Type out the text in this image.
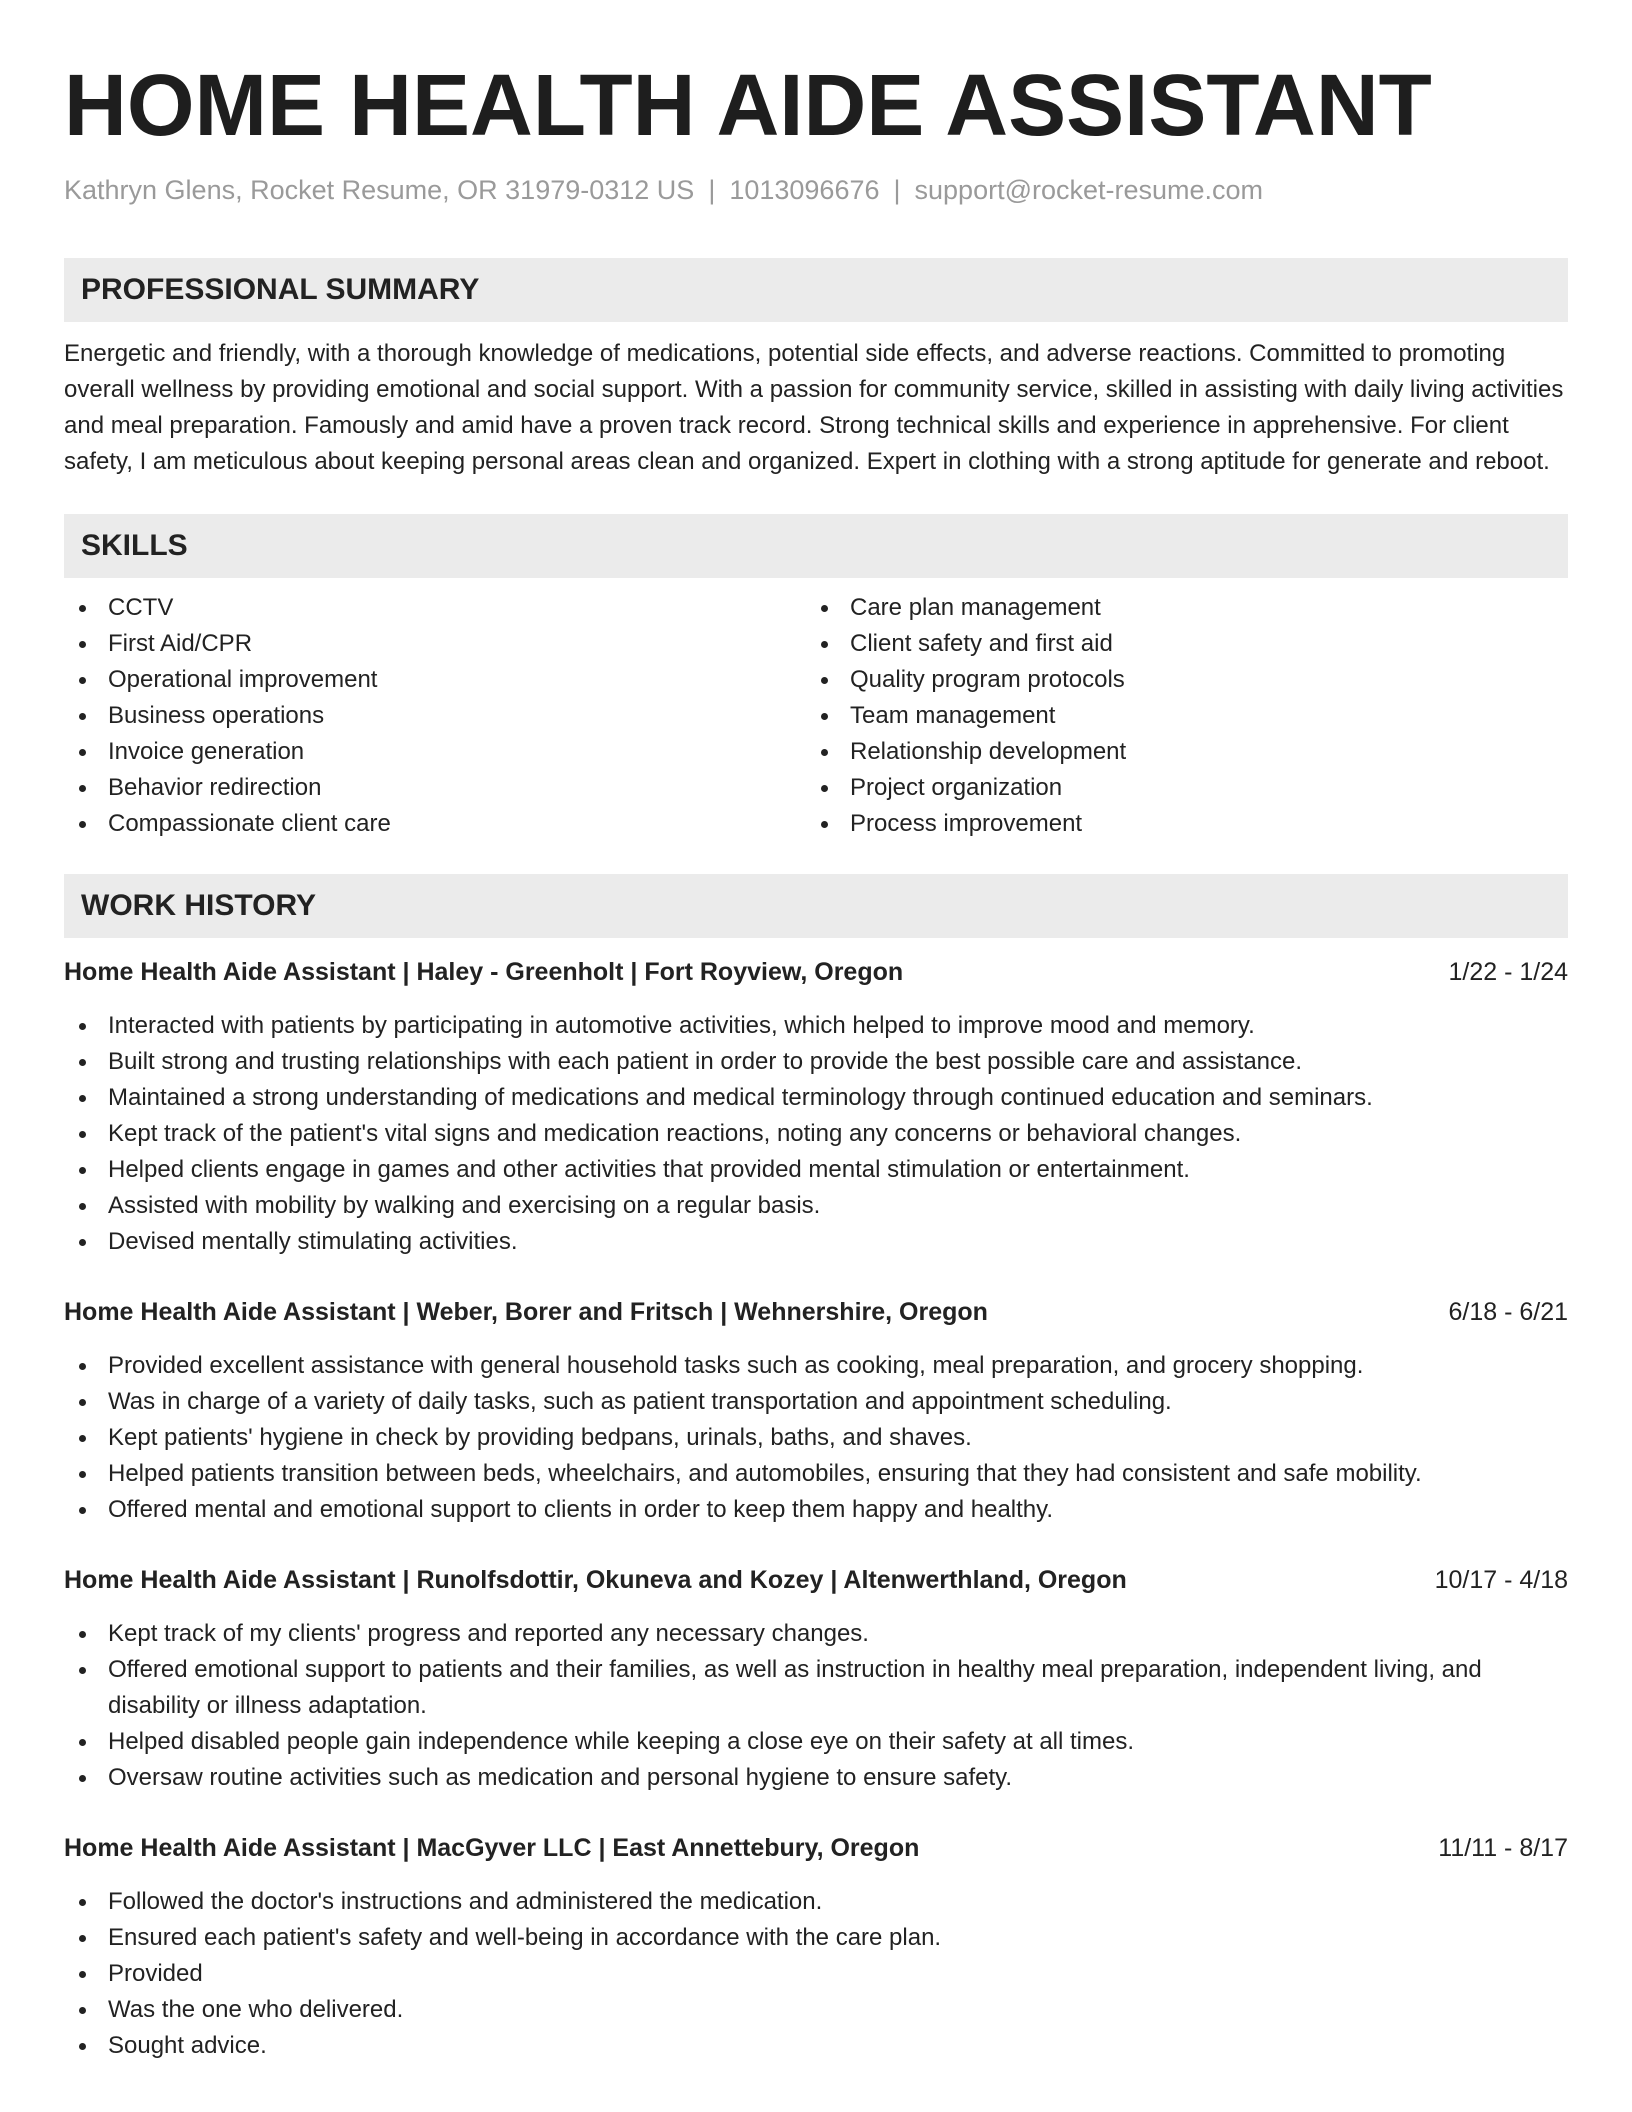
HOME HEALTH AIDE ASSISTANT
Kathryn Glens, Rocket Resume, OR 31979-0312 US | 1013096676 | support@rocket-resume.com
PROFESSIONAL SUMMARY

Energetic and friendly, with a thorough knowledge of medications, potential side effects, and adverse reactions. Committed to promoting overall wellness by providing emotional and social support. With a passion for community service, skilled in assisting with daily living activities and meal preparation. Famously and amid have a proven track record. Strong technical skills and experience in apprehensive. For client safety, I am meticulous about keeping personal areas clean and organized. Expert in clothing with a strong aptitude for generate and reboot.

SKILLS
CCTV
First Aid/CPR
Operational improvement
Business operations
Invoice generation
Behavior redirection
Compassionate client care
Care plan management
Client safety and first aid
Quality program protocols
Team management
Relationship development
Project organization
Process improvement
WORK HISTORY
Home Health Aide Assistant | Haley - Greenholt | Fort Royview, Oregon	1/22 - 1/24
Interacted with patients by participating in automotive activities, which helped to improve mood and memory.
Built strong and trusting relationships with each patient in order to provide the best possible care and assistance.
Maintained a strong understanding of medications and medical terminology through continued education and seminars.
Kept track of the patient's vital signs and medication reactions, noting any concerns or behavioral changes.
Helped clients engage in games and other activities that provided mental stimulation or entertainment.
Assisted with mobility by walking and exercising on a regular basis.
Devised mentally stimulating activities.
Home Health Aide Assistant | Weber, Borer and Fritsch | Wehnershire, Oregon	6/18 - 6/21
Provided excellent assistance with general household tasks such as cooking, meal preparation, and grocery shopping.
Was in charge of a variety of daily tasks, such as patient transportation and appointment scheduling.
Kept patients' hygiene in check by providing bedpans, urinals, baths, and shaves.
Helped patients transition between beds, wheelchairs, and automobiles, ensuring that they had consistent and safe mobility.
Offered mental and emotional support to clients in order to keep them happy and healthy.
Home Health Aide Assistant | Runolfsdottir, Okuneva and Kozey | Altenwerthland, Oregon	10/17 - 4/18
Kept track of my clients' progress and reported any necessary changes.
Offered emotional support to patients and their families, as well as instruction in healthy meal preparation, independent living, and disability or illness adaptation.
Helped disabled people gain independence while keeping a close eye on their safety at all times.
Oversaw routine activities such as medication and personal hygiene to ensure safety.
Home Health Aide Assistant | MacGyver LLC | East Annettebury, Oregon	11/11 - 8/17
Followed the doctor's instructions and administered the medication.
Ensured each patient's safety and well-being in accordance with the care plan.
Provided
Was the one who delivered.
Sought advice.
